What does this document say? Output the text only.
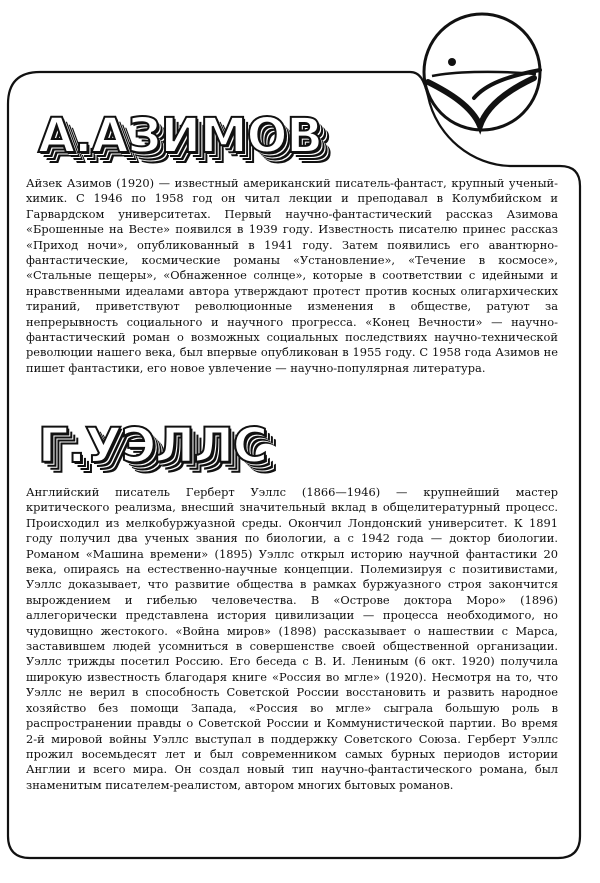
А.АЗИМОВ

Айзек Азимов (1920) — известный американский писатель-фантаст, крупный ученый-химик. С 1946 по 1958 год он читал лекции и преподавал в Колумбийском и Гарвардском университетах. Первый научно-фантастический рассказ Азимова «Брошенные на Весте» появился в 1939 году. Известность писателю принес рассказ «Приход ночи», опубликованный в 1941 году. Затем появились его авантюрно-фантастические, космические романы «Установление», «Течение в космосе», «Стальные пещеры», «Обнаженное солнце», которые в соответствии с идейными и нравственными идеалами автора утверждают протест против косных олигархических тираний, приветствуют революционные изменения в обществе, ратуют за непрерывность социального и научного прогресса. «Конец Вечности» — научно-фантастический роман о возможных социальных последствиях научно-технической революции нашего века, был впервые опубликован в 1955 году. С 1958 года Азимов не пишет фантастики, его новое увлечение — научно-популярная литература.

Г.УЭЛЛС

Английский писатель Герберт Уэллс (1866—1946) — крупнейший мастер критического реализма, внесший значительный вклад в общелитературный процесс. Происходил из мелкобуржуазной среды. Окончил Лондонский университет. К 1891 году получил два ученых звания по биологии, а с 1942 года — доктор биологии. Романом «Машина времени» (1895) Уэллс открыл историю научной фантастики 20 века, опираясь на естественно-научные концепции. Полемизируя с позитивистами, Уэллс доказывает, что развитие общества в рамках буржуазного строя закончится вырождением и гибелью человечества. В «Острове доктора Моро» (1896) аллегорически представлена история цивилизации — процесса необходимого, но чудовищно жестокого. «Война миров» (1898) рассказывает о нашествии с Марса, заставившем людей усомниться в совершенстве своей общественной организации. Уэллс трижды посетил Россию. Его беседа с В. И. Лениным (6 окт. 1920) получила широкую известность благодаря книге «Россия во мгле» (1920). Несмотря на то, что Уэллс не верил в способность Советской России восстановить и развить народное хозяйство без помощи Запада, «Россия во мгле» сыграла большую роль в распространении правды о Советской России и Коммунистической партии. Во время 2-й мировой войны Уэллс выступал в поддержку Советского Союза. Герберт Уэллс прожил восемьдесят лет и был современником самых бурных периодов истории Англии и всего мира. Он создал новый тип научно-фантастического романа, был знаменитым писателем-реалистом, автором многих бытовых романов.
